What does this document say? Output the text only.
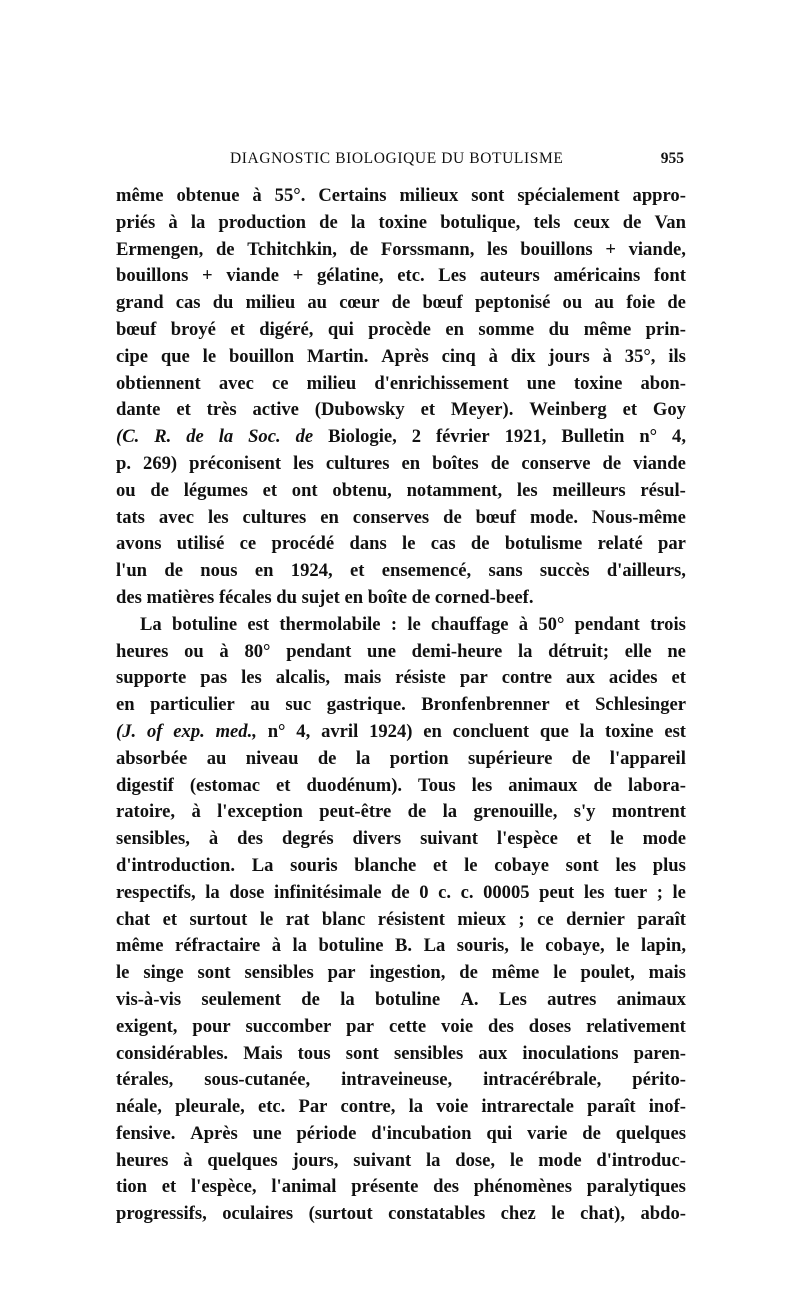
DIAGNOSTIC BIOLOGIQUE DU BOTULISME	955
même obtenue à 55°. Certains milieux sont spécialement appro-
priés à la production de la toxine botulique, tels ceux de Van
Ermengen, de Tchitchkin, de Forssmann, les bouillons + viande,
bouillons + viande + gélatine, etc. Les auteurs américains font
grand cas du milieu au cœur de bœuf peptonisé ou au foie de
bœuf broyé et digéré, qui procède en somme du même prin-
cipe que le bouillon Martin. Après cinq à dix jours à 35°, ils
obtiennent avec ce milieu d'enrichissement une toxine abon-
dante et très active (Dubowsky et Meyer). Weinberg et Goy
(C. R. de la Soc. de Biologie, 2 février 1921, Bulletin n° 4,
p. 269) préconisent les cultures en boîtes de conserve de viande
ou de légumes et ont obtenu, notamment, les meilleurs résul-
tats avec les cultures en conserves de bœuf mode. Nous-même
avons utilisé ce procédé dans le cas de botulisme relaté par
l'un de nous en 1924, et ensemencé, sans succès d'ailleurs,
des matières fécales du sujet en boîte de corned-beef.
La botuline est thermolabile : le chauffage à 50° pendant trois
heures ou à 80° pendant une demi-heure la détruit; elle ne
supporte pas les alcalis, mais résiste par contre aux acides et
en particulier au suc gastrique. Bronfenbrenner et Schlesinger
(J. of exp. med., n° 4, avril 1924) en concluent que la toxine est
absorbée au niveau de la portion supérieure de l'appareil
digestif (estomac et duodénum). Tous les animaux de labora-
ratoire, à l'exception peut-être de la grenouille, s'y montrent
sensibles, à des degrés divers suivant l'espèce et le mode
d'introduction. La souris blanche et le cobaye sont les plus
respectifs, la dose infinitésimale de 0 c. c. 00005 peut les tuer ; le
chat et surtout le rat blanc résistent mieux ; ce dernier paraît
même réfractaire à la botuline B. La souris, le cobaye, le lapin,
le singe sont sensibles par ingestion, de même le poulet, mais
vis-à-vis seulement de la botuline A. Les autres animaux
exigent, pour succomber par cette voie des doses relativement
considérables. Mais tous sont sensibles aux inoculations paren-
térales, sous-cutanée, intraveineuse, intracérébrale, périto-
néale, pleurale, etc. Par contre, la voie intrarectale paraît inof-
fensive. Après une période d'incubation qui varie de quelques
heures à quelques jours, suivant la dose, le mode d'introduc-
tion et l'espèce, l'animal présente des phénomènes paralytiques
progressifs, oculaires (surtout constatables chez le chat), abdo-
